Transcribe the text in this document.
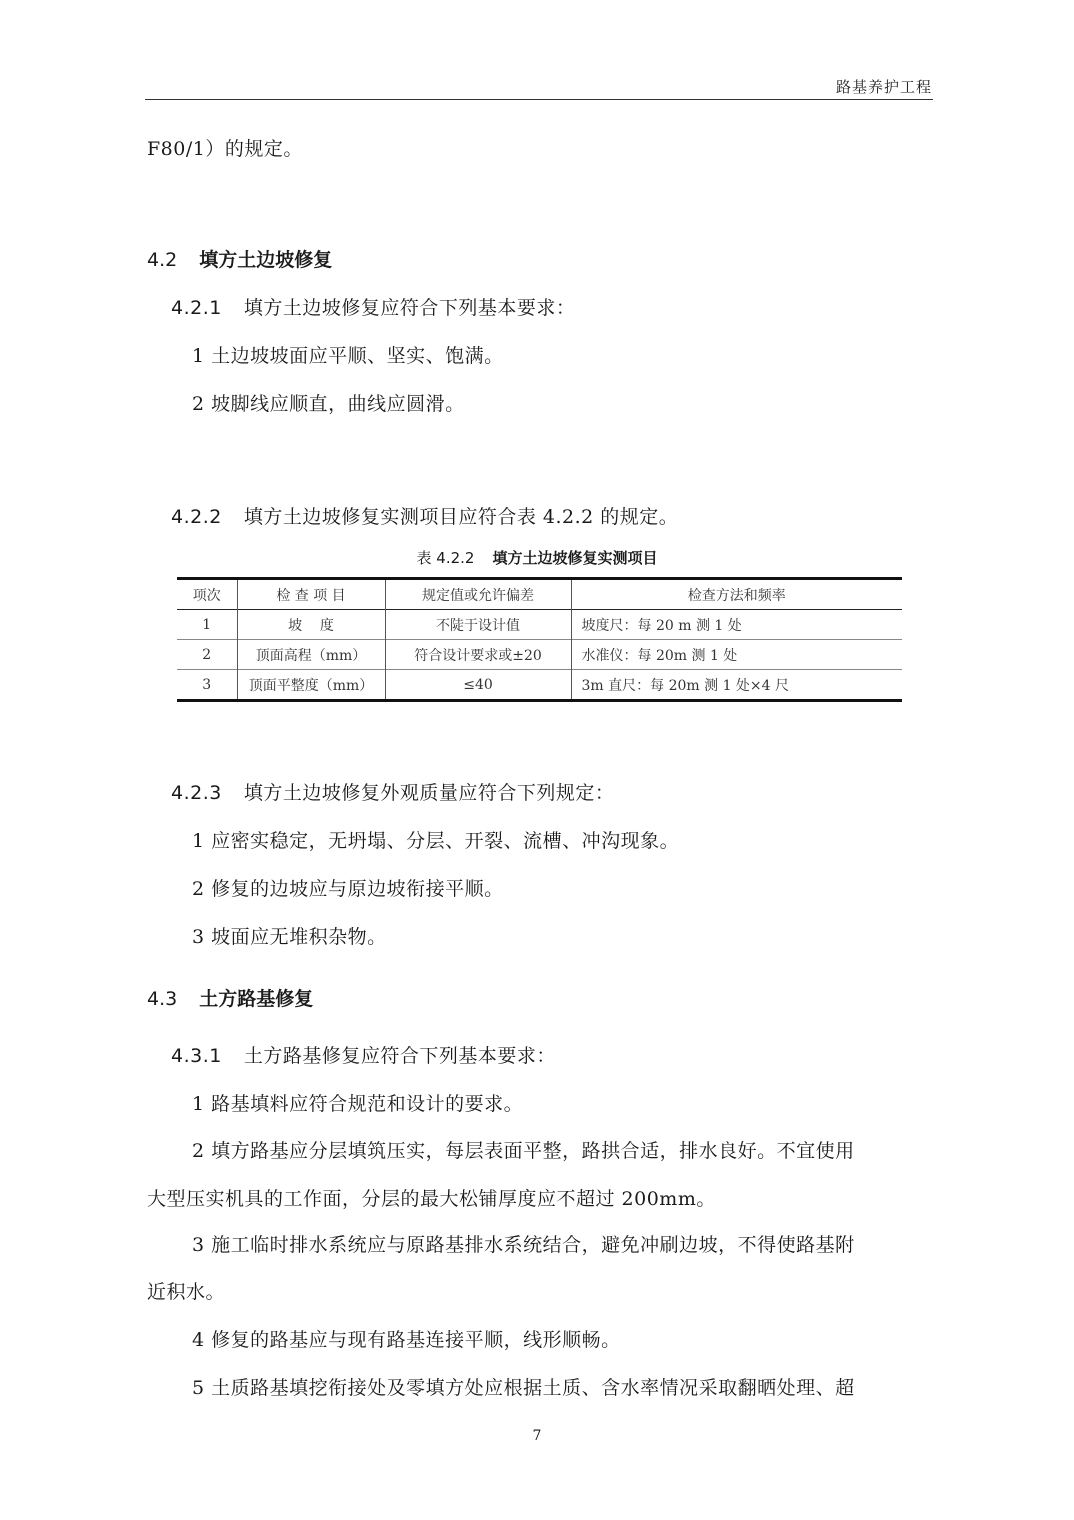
路基养护工程
F80/1）的规定。
4.2 填方土边坡修复
4.2.1 填方土边坡修复应符合下列基本要求：
1 土边坡坡面应平顺、坚实、饱满。
2 坡脚线应顺直，曲线应圆滑。
4.2.2 填方土边坡修复实测项目应符合表 4.2.2 的规定。
表 4.2.2 填方土边坡修复实测项目
项次	检 查 项 目	规定值或允许偏差	检查方法和频率
1	坡    度	不陡于设计值	坡度尺：每 20 m 测 1 处
2	顶面高程（mm）	符合设计要求或±20	水准仪：每 20m 测 1 处
3	顶面平整度（mm）	≤40	3m 直尺：每 20m 测 1 处×4 尺
4.2.3 填方土边坡修复外观质量应符合下列规定：
1 应密实稳定，无坍塌、分层、开裂、流槽、冲沟现象。
2 修复的边坡应与原边坡衔接平顺。
3 坡面应无堆积杂物。
4.3 土方路基修复
4.3.1 土方路基修复应符合下列基本要求：
1 路基填料应符合规范和设计的要求。
2 填方路基应分层填筑压实，每层表面平整，路拱合适，排水良好。不宜使用
大型压实机具的工作面，分层的最大松铺厚度应不超过 200mm。
3 施工临时排水系统应与原路基排水系统结合，避免冲刷边坡，不得使路基附
近积水。
4 修复的路基应与现有路基连接平顺，线形顺畅。
5 土质路基填挖衔接处及零填方处应根据土质、含水率情况采取翻晒处理、超
7
